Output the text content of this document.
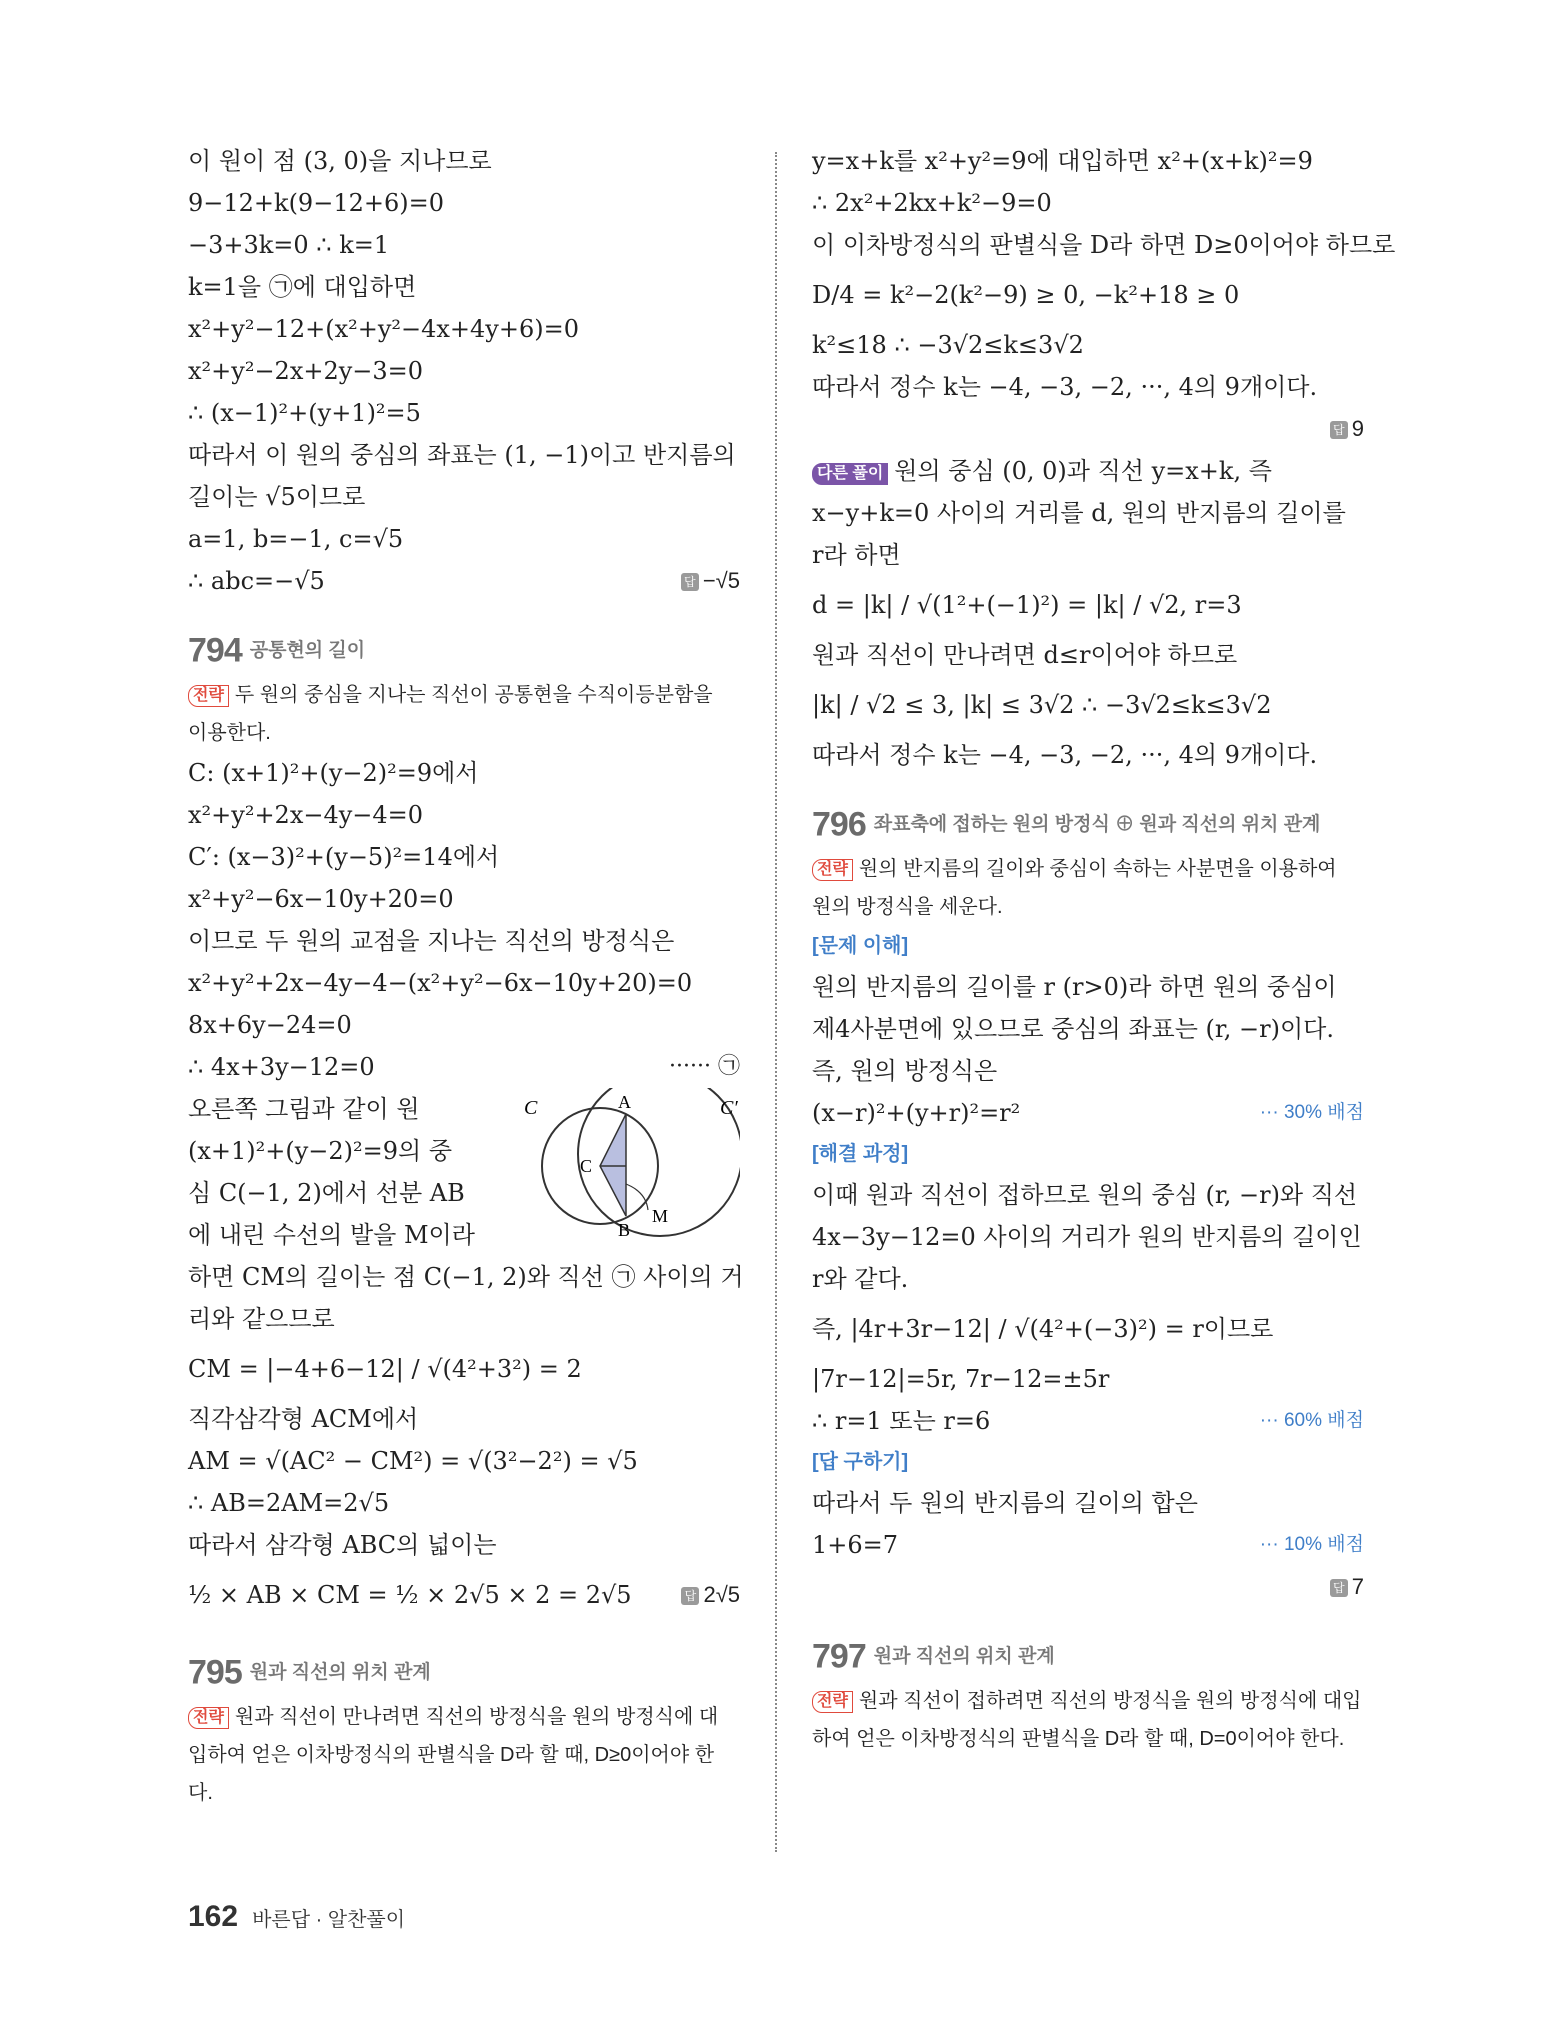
이 원이 점 (3, 0)을 지나므로
9−12+k(9−12+6)=0
−3+3k=0 ∴ k=1
k=1을 ㉠에 대입하면
x²+y²−12+(x²+y²−4x+4y+6)=0
x²+y²−2x+2y−3=0
∴ (x−1)²+(y+1)²=5
따라서 이 원의 중심의 좌표는 (1, −1)이고 반지름의
길이는 √5이므로
a=1, b=−1, c=√5
∴ abc=−√5	답 −√5
794 공통현의 길이
전략 두 원의 중심을 지나는 직선이 공통현을 수직이등분함을
이용한다.
C: (x+1)²+(y−2)²=9에서
x²+y²+2x−4y−4=0
C′: (x−3)²+(y−5)²=14에서
x²+y²−6x−10y+20=0
이므로 두 원의 교점을 지나는 직선의 방정식은
x²+y²+2x−4y−4−(x²+y²−6x−10y+20)=0
8x+6y−24=0
∴ 4x+3y−12=0	······ ㉠
오른쪽 그림과 같이 원
(x+1)²+(y−2)²=9의 중
심 C(−1, 2)에서 선분 AB
에 내린 수선의 발을 M이라
C	C′
A
B
C
M
하면 CM의 길이는 점 C(−1, 2)와 직선 ㉠ 사이의 거
리와 같으므로
CM = |−4+6−12| / √(4²+3²) = 2
직각삼각형 ACM에서
AM = √(AC² − CM²) = √(3²−2²) = √5
∴ AB=2AM=2√5
따라서 삼각형 ABC의 넓이는
½ × AB × CM = ½ × 2√5 × 2 = 2√5	답 2√5
795 원과 직선의 위치 관계
전략 원과 직선이 만나려면 직선의 방정식을 원의 방정식에 대
입하여 얻은 이차방정식의 판별식을 D라 할 때, D≥0이어야 한
다.
y=x+k를 x²+y²=9에 대입하면 x²+(x+k)²=9
∴ 2x²+2kx+k²−9=0
이 이차방정식의 판별식을 D라 하면 D≥0이어야 하므로
D/4 = k²−2(k²−9) ≥ 0, −k²+18 ≥ 0
k²≤18 ∴ −3√2≤k≤3√2
따라서 정수 k는 −4, −3, −2, ···, 4의 9개이다.
답 9
다른 풀이 원의 중심 (0, 0)과 직선 y=x+k, 즉
x−y+k=0 사이의 거리를 d, 원의 반지름의 길이를
r라 하면
d = |k| / √(1²+(−1)²) = |k| / √2, r=3
원과 직선이 만나려면 d≤r이어야 하므로
|k| / √2 ≤ 3, |k| ≤ 3√2 ∴ −3√2≤k≤3√2
따라서 정수 k는 −4, −3, −2, ···, 4의 9개이다.
796 좌표축에 접하는 원의 방정식 ⊕ 원과 직선의 위치 관계
전략 원의 반지름의 길이와 중심이 속하는 사분면을 이용하여
원의 방정식을 세운다.
[문제 이해]
원의 반지름의 길이를 r (r>0)라 하면 원의 중심이
제4사분면에 있으므로 중심의 좌표는 (r, −r)이다.
즉, 원의 방정식은
(x−r)²+(y+r)²=r²	··· 30% 배점
[해결 과정]
이때 원과 직선이 접하므로 원의 중심 (r, −r)와 직선
4x−3y−12=0 사이의 거리가 원의 반지름의 길이인
r와 같다.
즉, |4r+3r−12| / √(4²+(−3)²) = r이므로
|7r−12|=5r, 7r−12=±5r
∴ r=1 또는 r=6	··· 60% 배점
[답 구하기]
따라서 두 원의 반지름의 길이의 합은
1+6=7	··· 10% 배점
답 7
797 원과 직선의 위치 관계
전략 원과 직선이 접하려면 직선의 방정식을 원의 방정식에 대입
하여 얻은 이차방정식의 판별식을 D라 할 때, D=0이어야 한다.
162 바른답 · 알찬풀이
